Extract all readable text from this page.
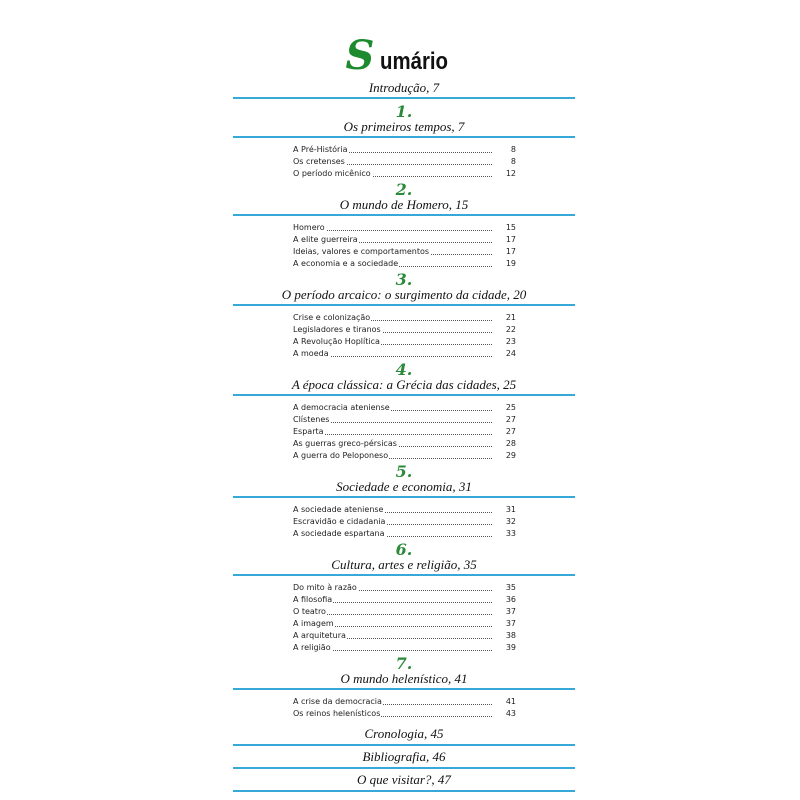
S umário
Introdução, 7
1.
Os primeiros tempos, 7
A Pré-História	8
Os cretenses	8
O período micênico	12
2.
O mundo de Homero, 15
Homero	15
A elite guerreira	17
Ideias, valores e comportamentos	17
A economia e a sociedade	19
3.
O período arcaico: o surgimento da cidade, 20
Crise e colonização	21
Legisladores e tiranos	22
A Revolução Hoplítica	23
A moeda	24
4.
A época clássica: a Grécia das cidades, 25
A democracia ateniense	25
Clístenes	27
Esparta	27
As guerras greco-pérsicas	28
A guerra do Peloponeso	29
5.
Sociedade e economia, 31
A sociedade ateniense	31
Escravidão e cidadania	32
A sociedade espartana	33
6.
Cultura, artes e religião, 35
Do mito à razão	35
A filosofia	36
O teatro	37
A imagem	37
A arquitetura	38
A religião	39
7.
O mundo helenístico, 41
A crise da democracia	41
Os reinos helenísticos	43
Cronologia, 45
Bibliografia, 46
O que visitar?, 47
